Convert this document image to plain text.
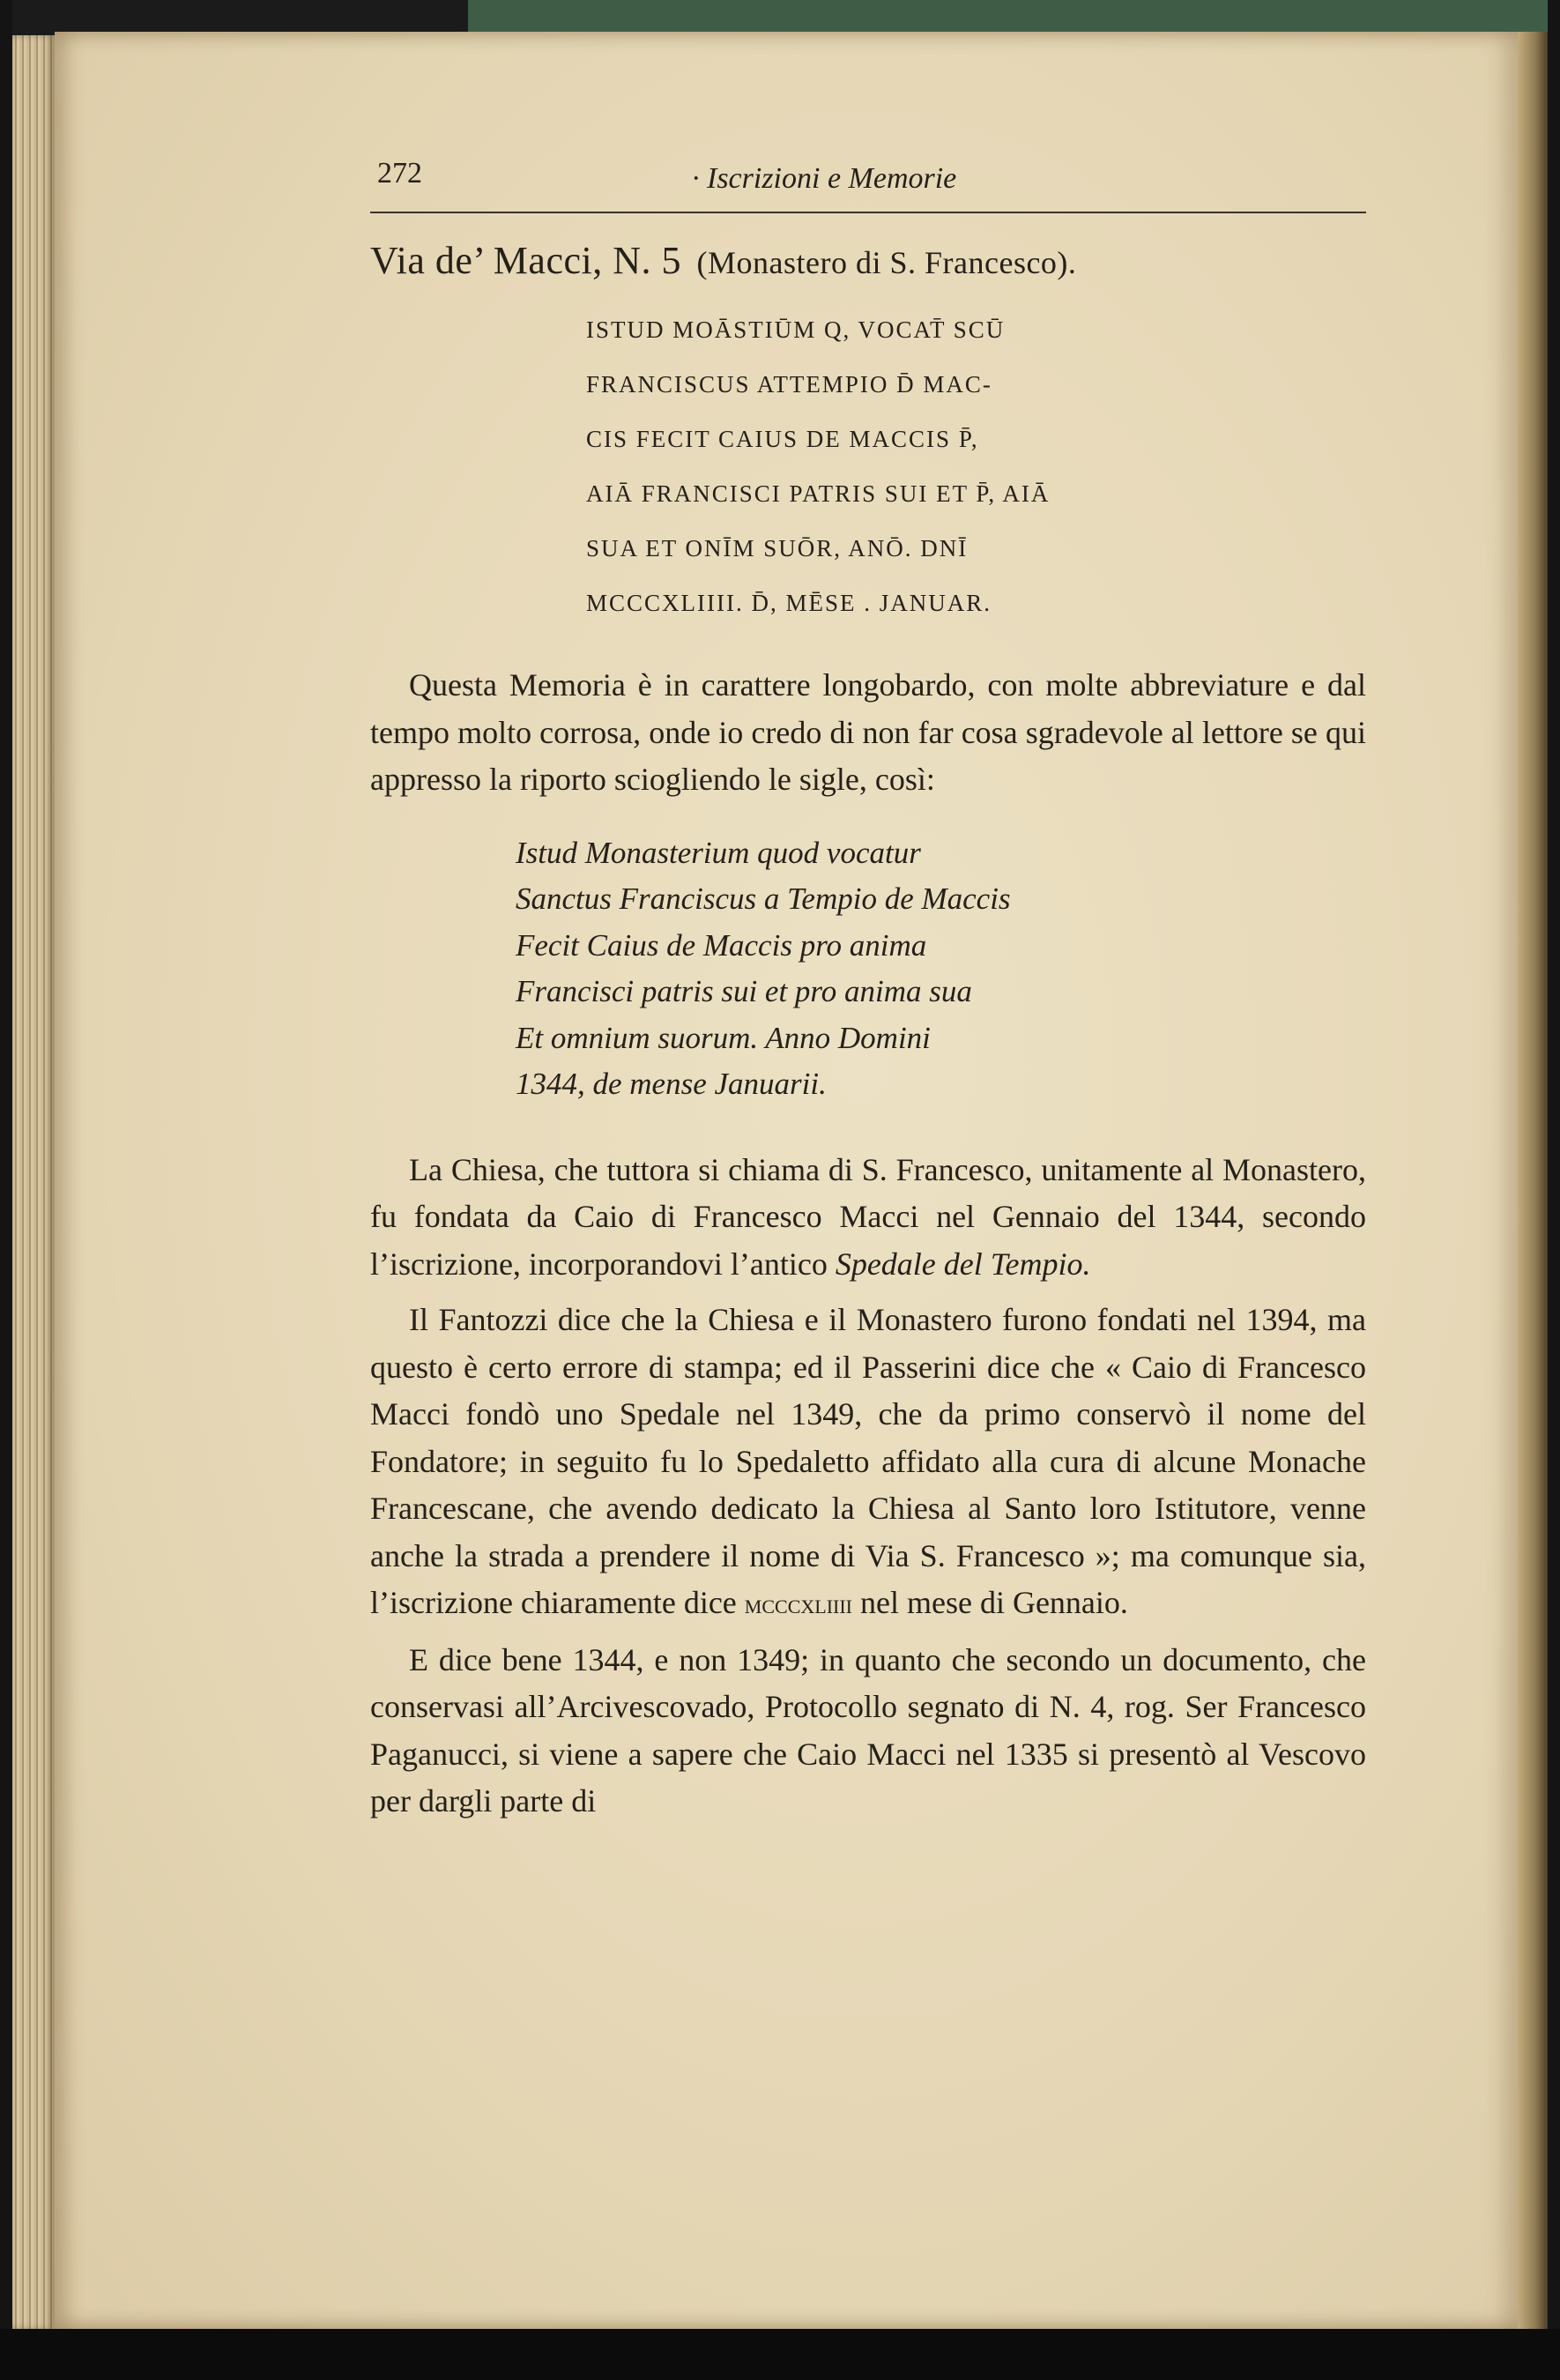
272	· Iscrizioni e Memorie
Via de’ Macci, N. 5 (Monastero di S. Francesco).
ISTUD MOĀSTIŪM Q, VOCAT̄ SCŪ
FRANCISCUS ATTEMPIO D̄ MAC-
CIS FECIT CAIUS DE MACCIS P̄,
AIĀ FRANCISCI PATRIS SUI ET P̄, AIĀ
SUA ET ONĪM SUŌR, ANŌ. DNĪ
MCCCXLIIII. D̄, MĒSE . JANUAR.

Questa Memoria è in carattere longobardo, con molte abbreviature e dal tempo molto corrosa, onde io credo di non far cosa sgradevole al lettore se qui appresso la riporto sciogliendo le sigle, così:

Istud Monasterium quod vocatur
Sanctus Franciscus a Tempio de Maccis
Fecit Caius de Maccis pro anima
Francisci patris sui et pro anima sua
Et omnium suorum. Anno Domini
1344, de mense Januarii.

La Chiesa, che tuttora si chiama di S. Francesco, unitamente al Monastero, fu fondata da Caio di Francesco Macci nel Gennaio del 1344, secondo l’iscrizione, incorporandovi l’antico Spedale del Tempio.

Il Fantozzi dice che la Chiesa e il Monastero furono fondati nel 1394, ma questo è certo errore di stampa; ed il Passerini dice che « Caio di Francesco Macci fondò uno Spedale nel 1349, che da primo conservò il nome del Fondatore; in seguito fu lo Spedaletto affidato alla cura di alcune Monache Francescane, che avendo dedicato la Chiesa al Santo loro Istitutore, venne anche la strada a prendere il nome di Via S. Francesco »; ma comunque sia, l’iscrizione chiaramente dice mcccxliiii nel mese di Gennaio.

E dice bene 1344, e non 1349; in quanto che secondo un documento, che conservasi all’Arcivescovado, Protocollo segnato di N. 4, rog. Ser Francesco Paganucci, si viene a sapere che Caio Macci nel 1335 si presentò al Vescovo per dargli parte di
